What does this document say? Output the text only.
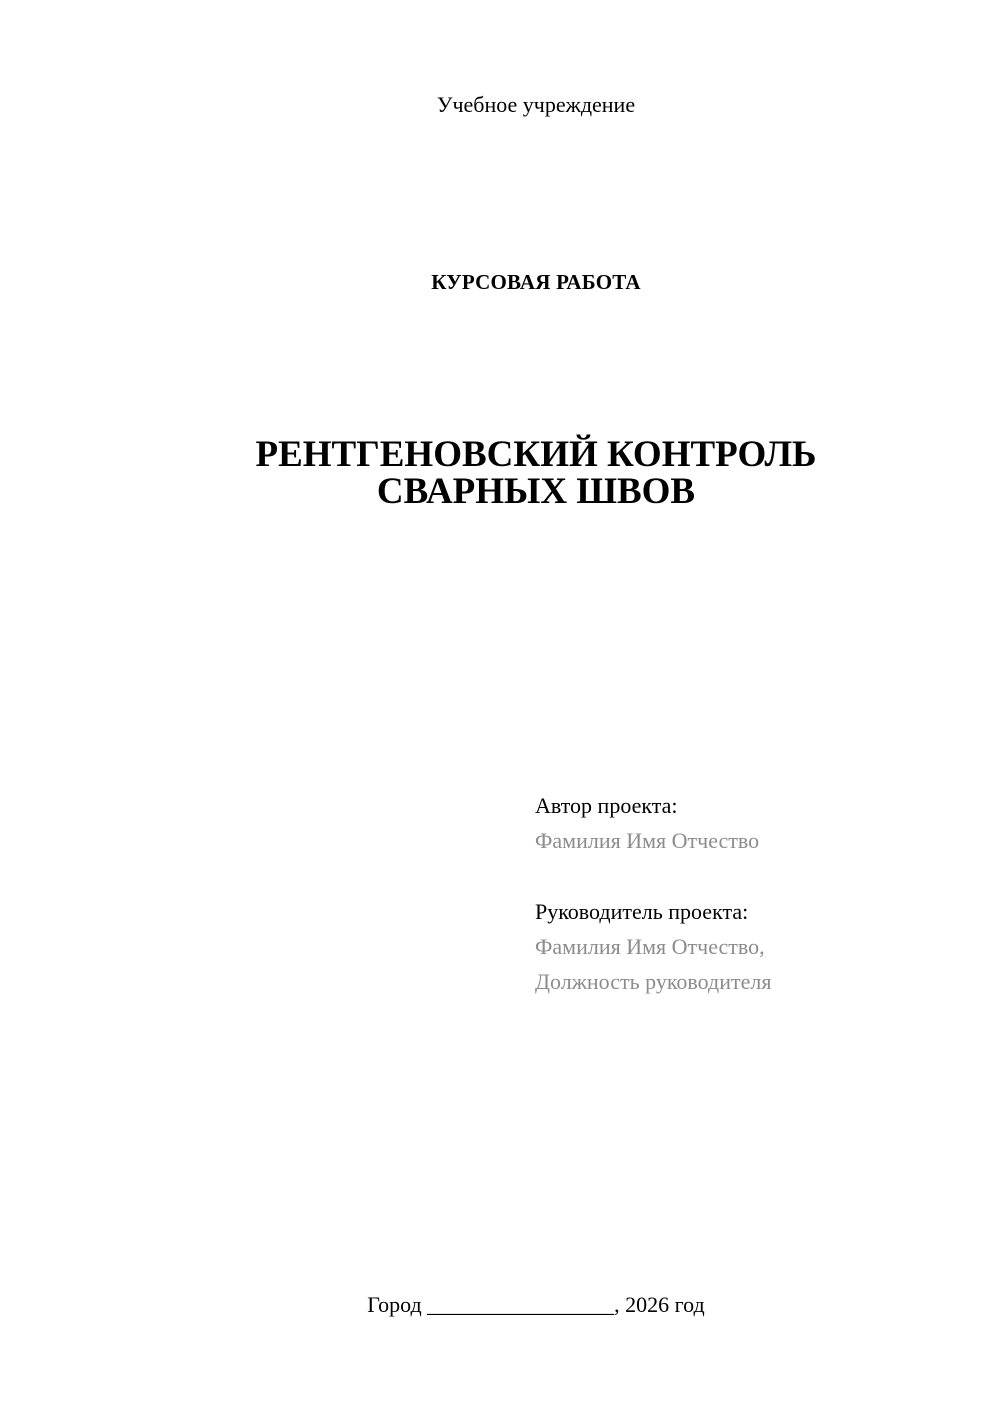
Учебное учреждение
КУРСОВАЯ РАБОТА
РЕНТГЕНОВСКИЙ КОНТРОЛЬ
СВАРНЫХ ШВОВ
Автор проекта:
Фамилия Имя Отчество
Руководитель проекта:
Фамилия Имя Отчество,
Должность руководителя
Город _________________, 2026 год
